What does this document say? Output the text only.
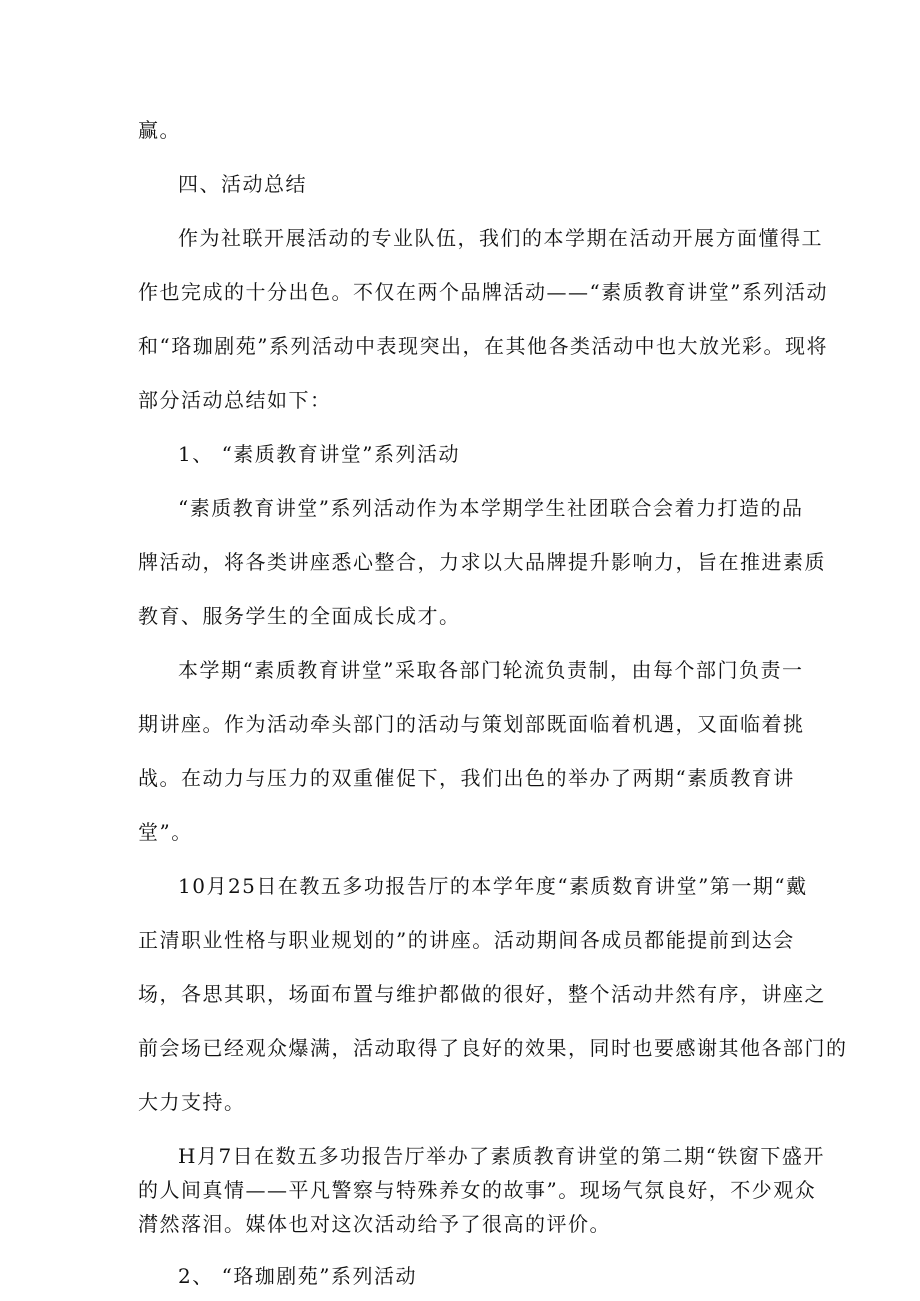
赢。

四、活动总结

作为社联开展活动的专业队伍，我们的本学期在活动开展方面懂得工

作也完成的十分出色。不仅在两个品牌活动——“素质教育讲堂”系列活动

和“珞珈剧苑”系列活动中表现突出，在其他各类活动中也大放光彩。现将

部分活动总结如下：

1、 “素质教育讲堂”系列活动

“素质教育讲堂”系列活动作为本学期学生社团联合会着力打造的品

牌活动，将各类讲座悉心整合，力求以大品牌提升影响力，旨在推进素质

教育、服务学生的全面成长成才。

本学期“素质教育讲堂”采取各部门轮流负责制，由每个部门负责一

期讲座。作为活动牵头部门的活动与策划部既面临着机遇，又面临着挑

战。在动力与压力的双重催促下，我们出色的举办了两期“素质教育讲

堂”。

10月25日在教五多功报告厅的本学年度“素质数育讲堂”第一期“戴

正清职业性格与职业规划的”的讲座。活动期间各成员都能提前到达会

场，各思其职，场面布置与维护都做的很好，整个活动井然有序，讲座之

前会场已经观众爆满，活动取得了良好的效果，同时也要感谢其他各部门的

大力支持。

H月7日在数五多功报告厅举办了素质教育讲堂的第二期“铁窗下盛开

的人间真情——平凡警察与特殊养女的故事”。现场气氛良好，不少观众

潸然落泪。媒体也对这次活动给予了很高的评价。

2、 “珞珈剧苑”系列活动
